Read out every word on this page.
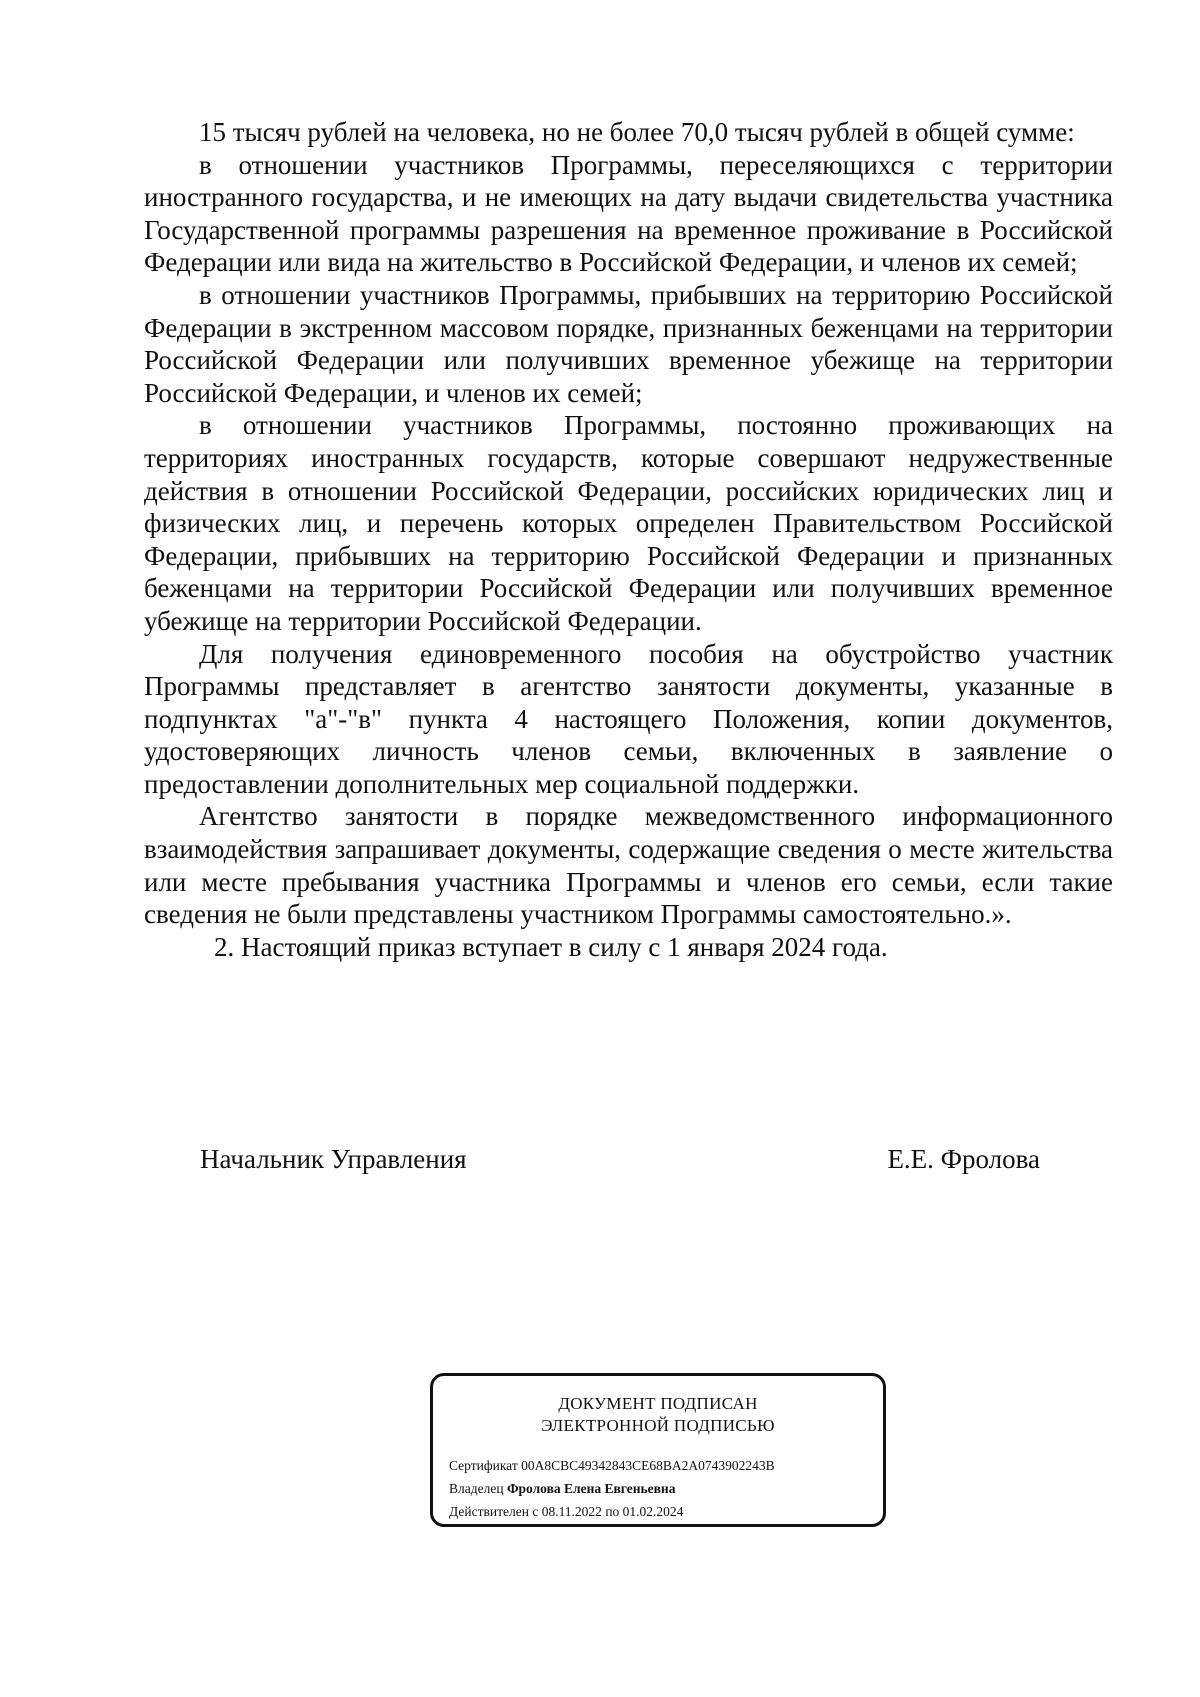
15 тысяч рублей на человека, но не более 70,0 тысяч рублей в общей сумме:

в отношении участников Программы, переселяющихся с территории иностранного государства, и не имеющих на дату выдачи свидетельства участника Государственной программы разрешения на временное проживание в Российской Федерации или вида на жительство в Российской Федерации, и членов их семей;

в отношении участников Программы, прибывших на территорию Российской Федерации в экстренном массовом порядке, признанных беженцами на территории Российской Федерации или получивших временное убежище на территории Российской Федерации, и членов их семей;

в отношении участников Программы, постоянно проживающих на территориях иностранных государств, которые совершают недружественные действия в отношении Российской Федерации, российских юридических лиц и физических лиц, и перечень которых определен Правительством Российской Федерации, прибывших на территорию Российской Федерации и признанных беженцами на территории Российской Федерации или получивших временное убежище на территории Российской Федерации.

Для получения единовременного пособия на обустройство участник Программы представляет в агентство занятости документы, указанные в подпунктах "а"-"в" пункта 4 настоящего Положения, копии документов, удостоверяющих личность членов семьи, включенных в заявление о предоставлении дополнительных мер социальной поддержки.

Агентство занятости в порядке межведомственного информационного взаимодействия запрашивает документы, содержащие сведения о месте жительства или месте пребывания участника Программы и членов его семьи, если такие сведения не были представлены участником Программы самостоятельно.».

2. Настоящий приказ вступает в силу с 1 января 2024 года.

Начальник Управления	Е.Е. Фролова
ДОКУМЕНТ ПОДПИСАН
ЭЛЕКТРОННОЙ ПОДПИСЬЮ
Сертификат 00A8CBC49342843CE68BA2A0743902243B
Владелец Фролова Елена Евгеньевна
Действителен с 08.11.2022 по 01.02.2024
